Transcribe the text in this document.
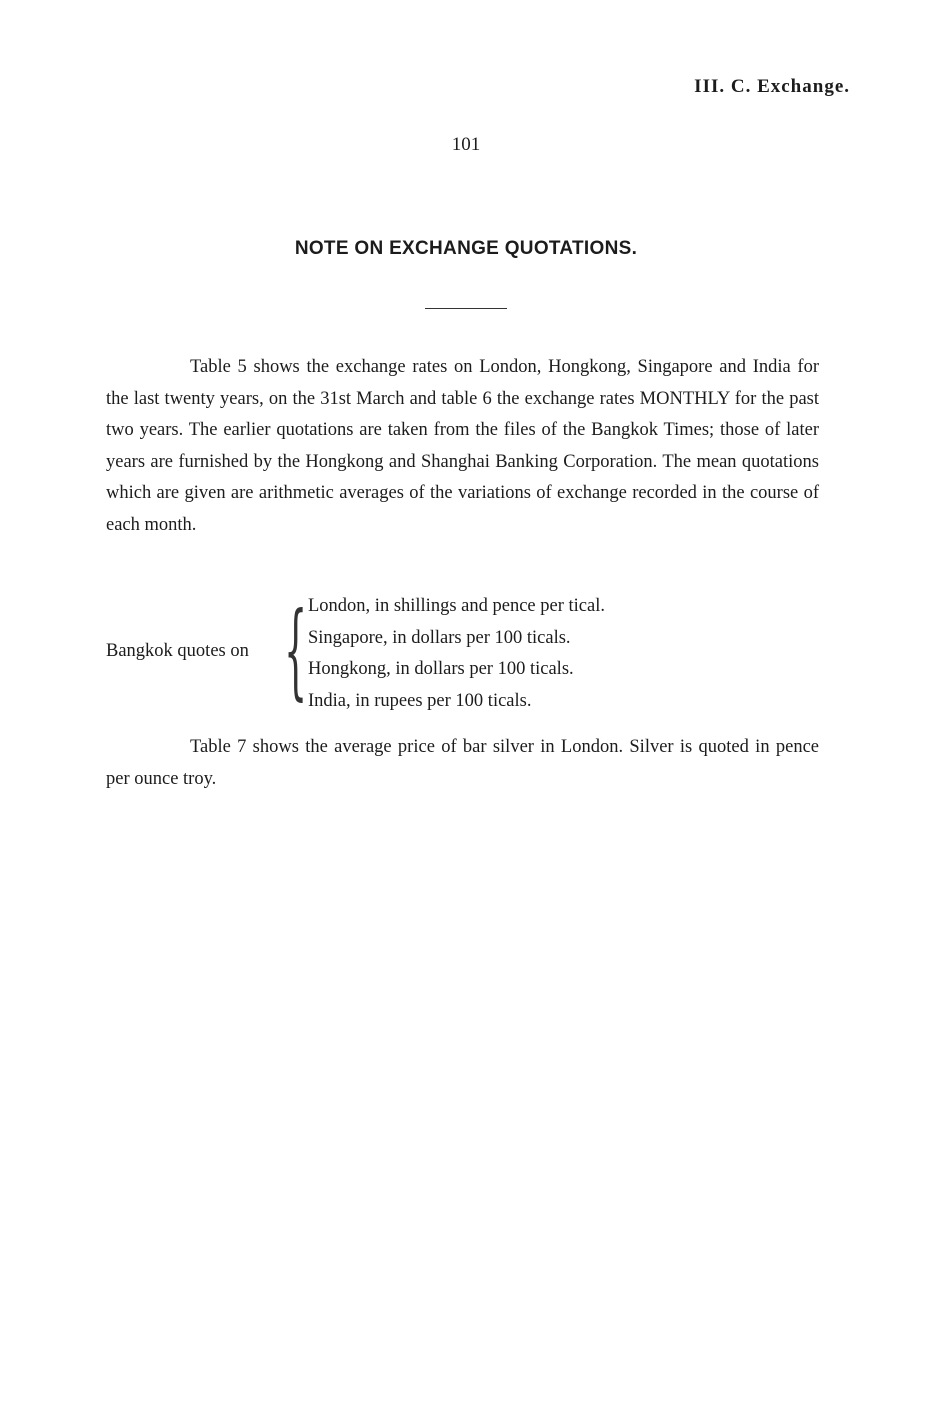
III. C. Exchange.
101
NOTE ON EXCHANGE QUOTATIONS.

Table 5 shows the exchange rates on London, Hongkong, Singapore and India for the last twenty years, on the 31st March and table 6 the exchange rates MONTHLY for the past two years. The earlier quotations are taken from the files of the Bangkok Times; those of later years are furnished by the Hongkong and Shanghai Banking Corporation. The mean quotations which are given are arithmetic averages of the variations of exchange recorded in the course of each month.

Bangkok quotes on { London, in shillings and pence per tical.
Singapore, in dollars per 100 ticals.
Hongkong, in dollars per 100 ticals.
India, in rupees per 100 ticals.

Table 7 shows the average price of bar silver in London. Silver is quoted in pence per ounce troy.
